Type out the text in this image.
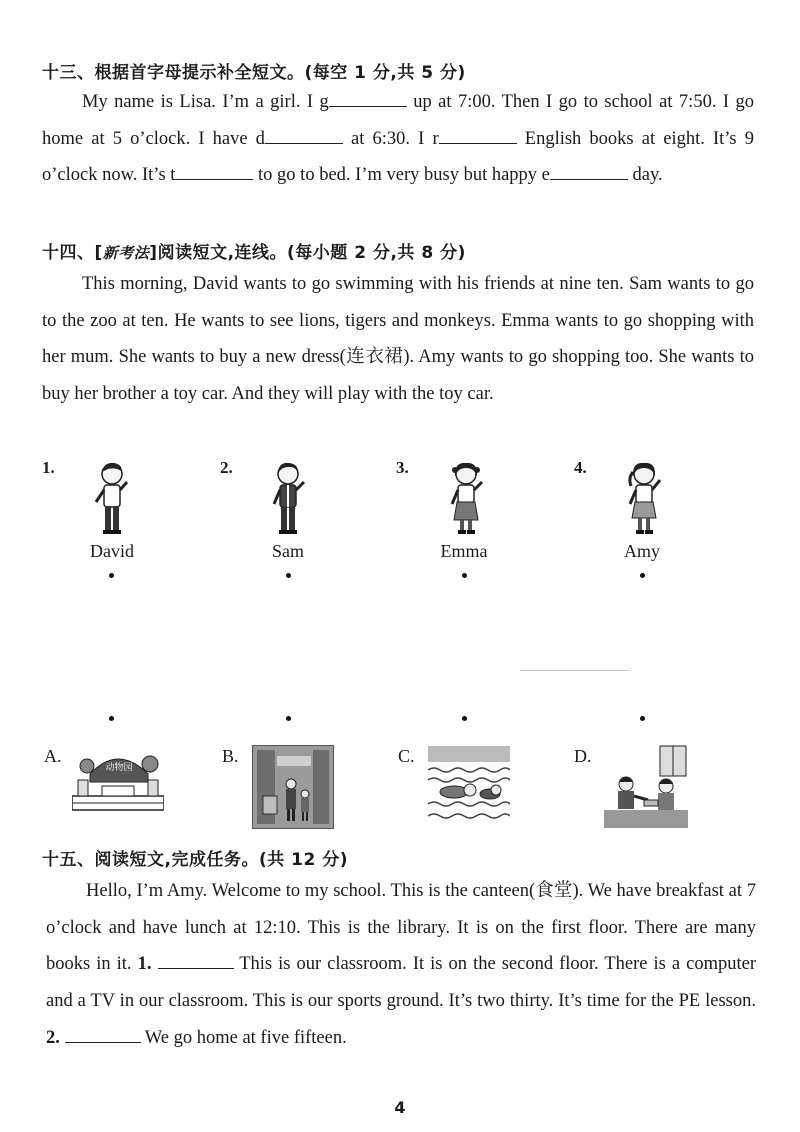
十三、根据首字母提示补全短文。(每空 1 分,共 5 分)
My name is Lisa. I’m a girl. I g	up at 7:00. Then I go to school at 7:50. I go home at 5 o’clock. I have d	at 6:30. I r	English books at eight. It’s 9 o’clock now. It’s t	to go to bed. I’m very busy but happy e	day.
十四、[新考法]阅读短文,连线。(每小题 2 分,共 8 分)
This morning, David wants to go swimming with his friends at nine ten. Sam wants to go to the zoo at ten. He wants to see lions, tigers and monkeys. Emma wants to go shopping with her mum. She wants to buy a new dress(连衣裙). Amy wants to go shopping too. She wants to buy her brother a toy car. And they will play with the toy car.
1.	2.	3.	4.
David	Sam	Emma	Amy
A.	B.	C.	D.
动物园
十五、阅读短文,完成任务。(共 12 分)
Hello, I’m Amy. Welcome to my school. This is the canteen(食堂). We have breakfast at 7 o’clock and have lunch at 12:10. This is the library. It is on the first floor. There are many books in it. 1.	This is our classroom. It is on the second floor. There is a computer and a TV in our classroom. This is our sports ground. It’s two thirty. It’s time for the PE lesson. 2.	We go home at five fifteen.
4
